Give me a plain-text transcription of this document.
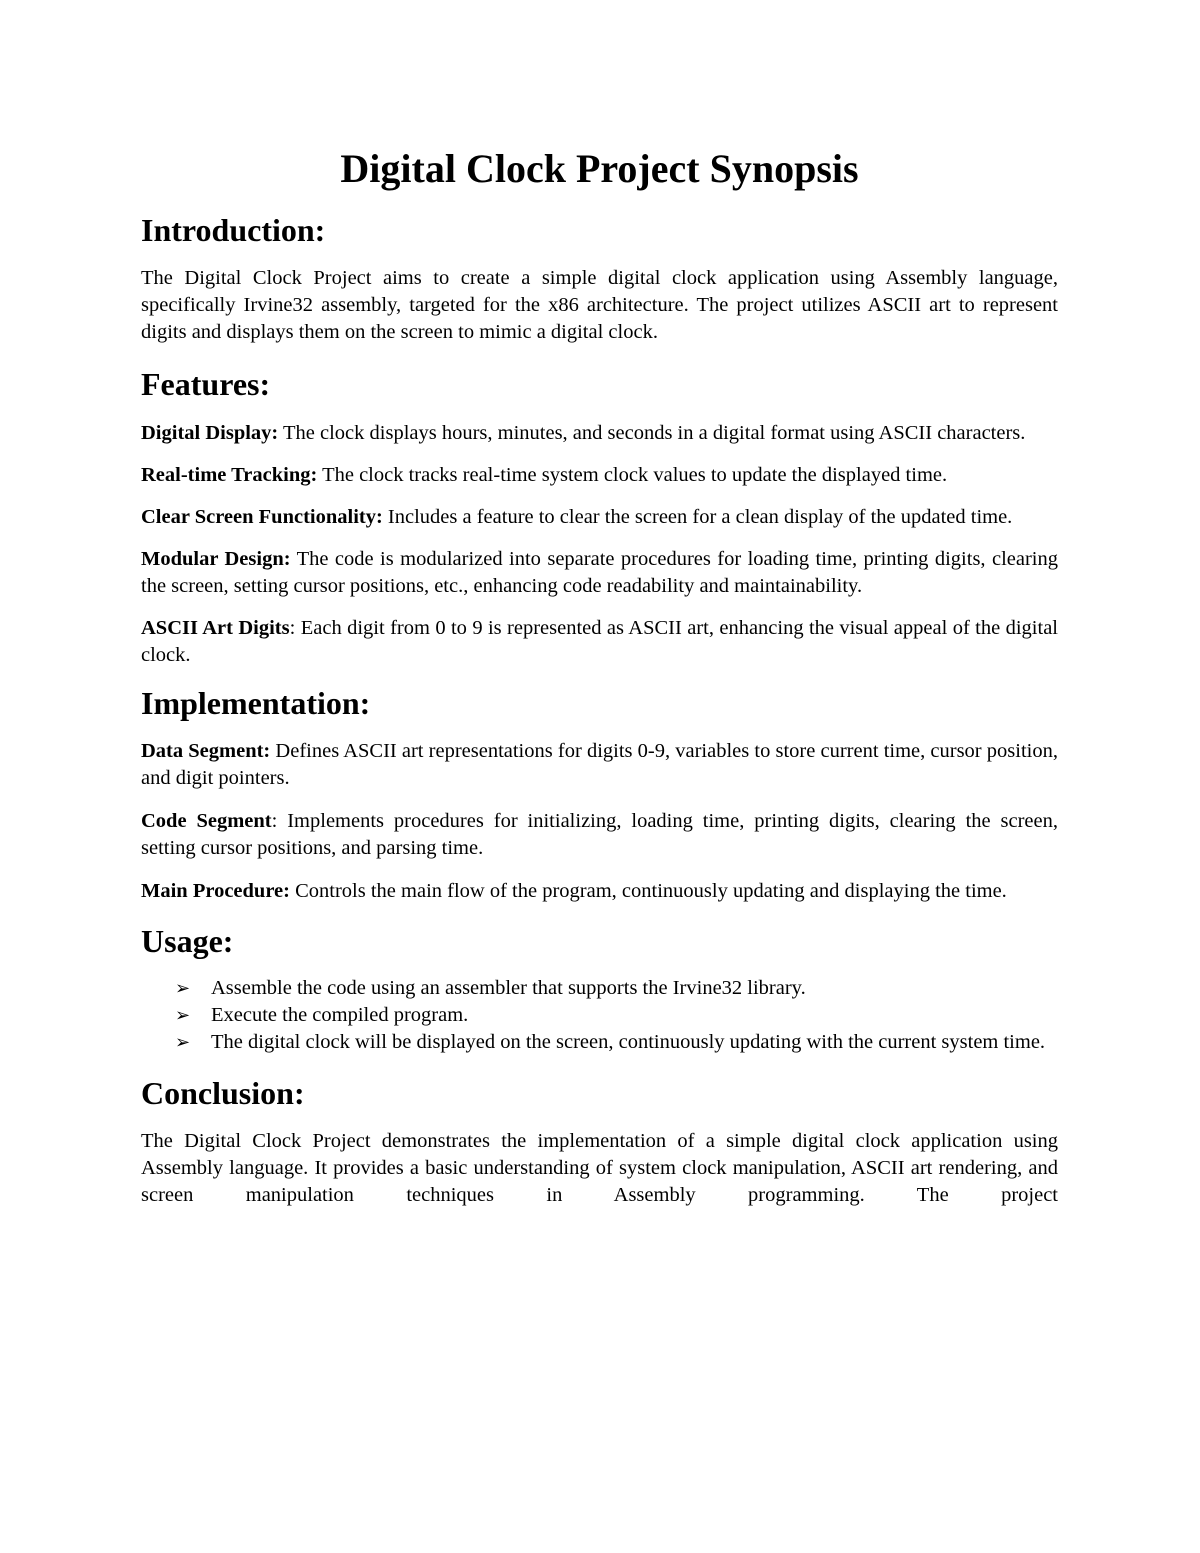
Digital Clock Project Synopsis
Introduction:

The Digital Clock Project aims to create a simple digital clock application using Assembly language, specifically Irvine32 assembly, targeted for the x86 architecture. The project utilizes ASCII art to represent digits and displays them on the screen to mimic a digital clock.

Features:

Digital Display: The clock displays hours, minutes, and seconds in a digital format using ASCII characters.

Real-time Tracking: The clock tracks real-time system clock values to update the displayed time.

Clear Screen Functionality: Includes a feature to clear the screen for a clean display of the updated time.

Modular Design: The code is modularized into separate procedures for loading time, printing digits, clearing the screen, setting cursor positions, etc., enhancing code readability and maintainability.

ASCII Art Digits: Each digit from 0 to 9 is represented as ASCII art, enhancing the visual appeal of the digital clock.

Implementation:

Data Segment: Defines ASCII art representations for digits 0-9, variables to store current time, cursor position, and digit pointers.

Code Segment: Implements procedures for initializing, loading time, printing digits, clearing the screen, setting cursor positions, and parsing time.

Main Procedure: Controls the main flow of the program, continuously updating and displaying the time.

Usage:
➢ Assemble the code using an assembler that supports the Irvine32 library.
➢ Execute the compiled program.
➢ The digital clock will be displayed on the screen, continuously updating with the current system time.
Conclusion:

The Digital Clock Project demonstrates the implementation of a simple digital clock application using Assembly language. It provides a basic understanding of system clock manipulation, ASCII art rendering, and screen manipulation techniques in Assembly programming. The project
